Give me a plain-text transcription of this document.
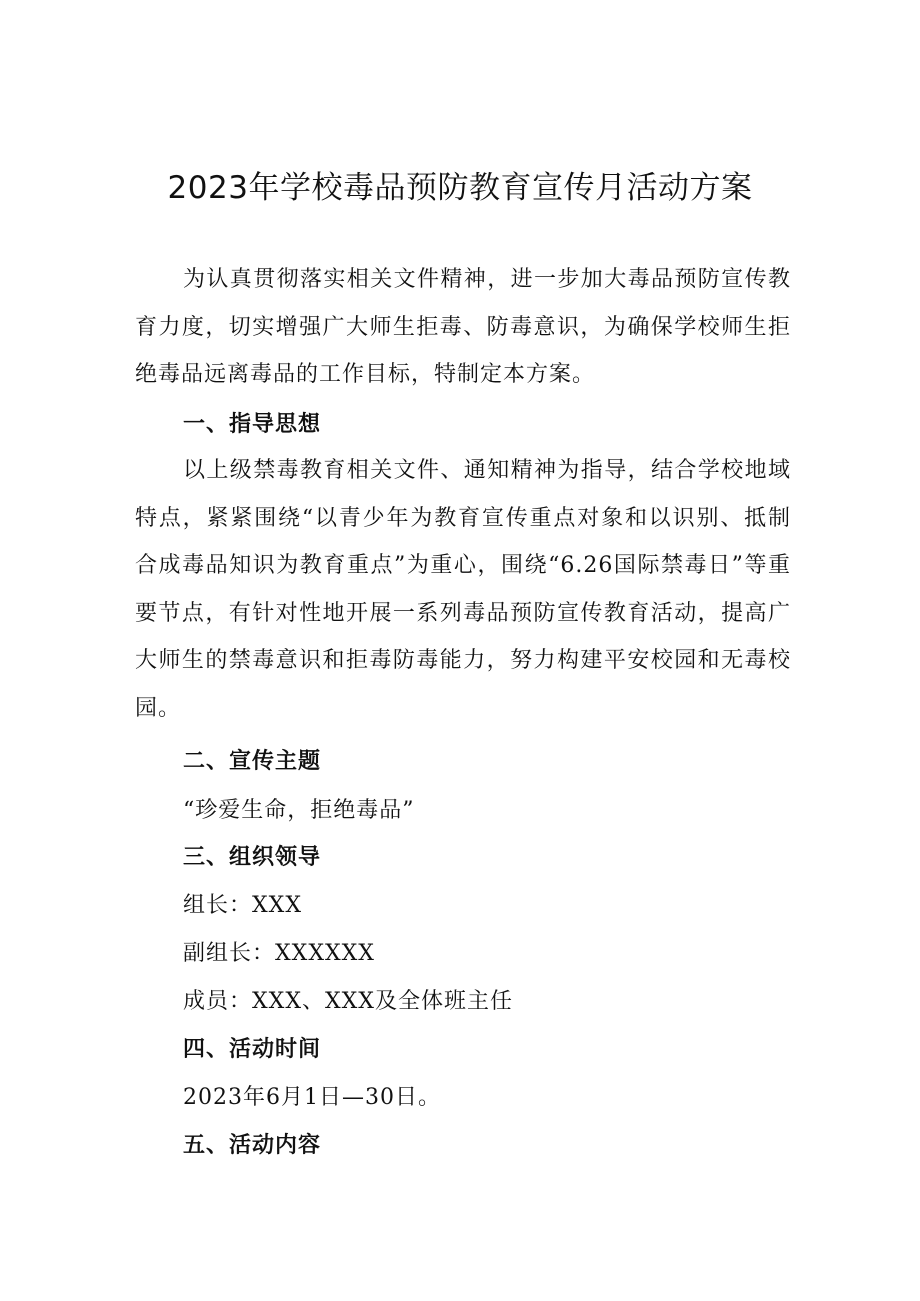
2023年学校毒品预防教育宣传月活动方案

为认真贯彻落实相关文件精神，进一步加大毒品预防宣传教育力度，切实增强广大师生拒毒、防毒意识，为确保学校师生拒绝毒品远离毒品的工作目标，特制定本方案。

一、指导思想

以上级禁毒教育相关文件、通知精神为指导，结合学校地域特点，紧紧围绕“以青少年为教育宣传重点对象和以识别、抵制合成毒品知识为教育重点”为重心，围绕“6.26国际禁毒日”等重要节点，有针对性地开展一系列毒品预防宣传教育活动，提高广大师生的禁毒意识和拒毒防毒能力，努力构建平安校园和无毒校园。

二、宣传主题
“珍爱生命，拒绝毒品”
三、组织领导
组长：XXX
副组长：XXXXXX
成员：XXX、XXX及全体班主任
四、活动时间
2023年6月1日—30日。
五、活动内容
